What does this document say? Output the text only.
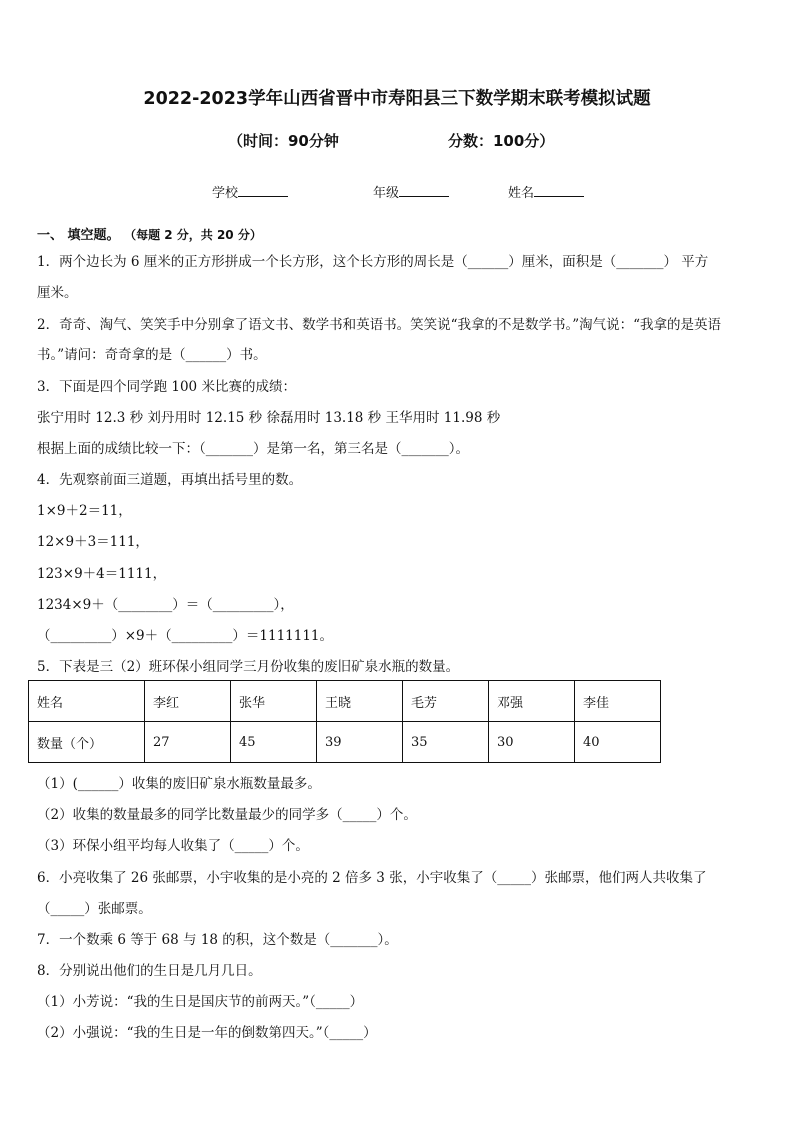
2022-2023学年山西省晋中市寿阳县三下数学期末联考模拟试题
（时间：90分钟	分数：100分）
学校	年级	姓名
一、 填空题。 （每题 2 分，共 20 分）
1．两个边长为 6 厘米的正方形拼成一个长方形，这个长方形的周长是（______）厘米，面积是（_______） 平方
厘米。
2．奇奇、淘气、笑笑手中分别拿了语文书、数学书和英语书。笑笑说“我拿的不是数学书。”淘气说：“我拿的是英语
书。”请问：奇奇拿的是（______）书。
3．下面是四个同学跑 100 米比赛的成绩：
张宁用时 12.3 秒 刘丹用时 12.15 秒 徐磊用时 13.18 秒 王华用时 11.98 秒
根据上面的成绩比较一下：（_______）是第一名，第三名是（_______）。
4．先观察前面三道题，再填出括号里的数。
1×9＋2＝11，
12×9＋3＝111，
123×9＋4＝1111，
1234×9＋（________）＝（_________），
（_________）×9＋（_________）＝1111111。
5．下表是三（2）班环保小组同学三月份收集的废旧矿泉水瓶的数量。
姓名	李红	张华	王晓	毛芳	邓强	李佳
数量（个）	27	45	39	35	30	40
（1）(______）收集的废旧矿泉水瓶数量最多。
（2）收集的数量最多的同学比数量最少的同学多（_____）个。
（3）环保小组平均每人收集了（_____）个。
6．小亮收集了 26 张邮票，小宇收集的是小亮的 2 倍多 3 张，小宇收集了（_____）张邮票，他们两人共收集了
（_____）张邮票。
7．一个数乘 6 等于 68 与 18 的积，这个数是（_______）。
8．分别说出他们的生日是几月几日。
（1）小芳说：“我的生日是国庆节的前两天。”（_____）
（2）小强说：“我的生日是一年的倒数第四天。”（_____）
